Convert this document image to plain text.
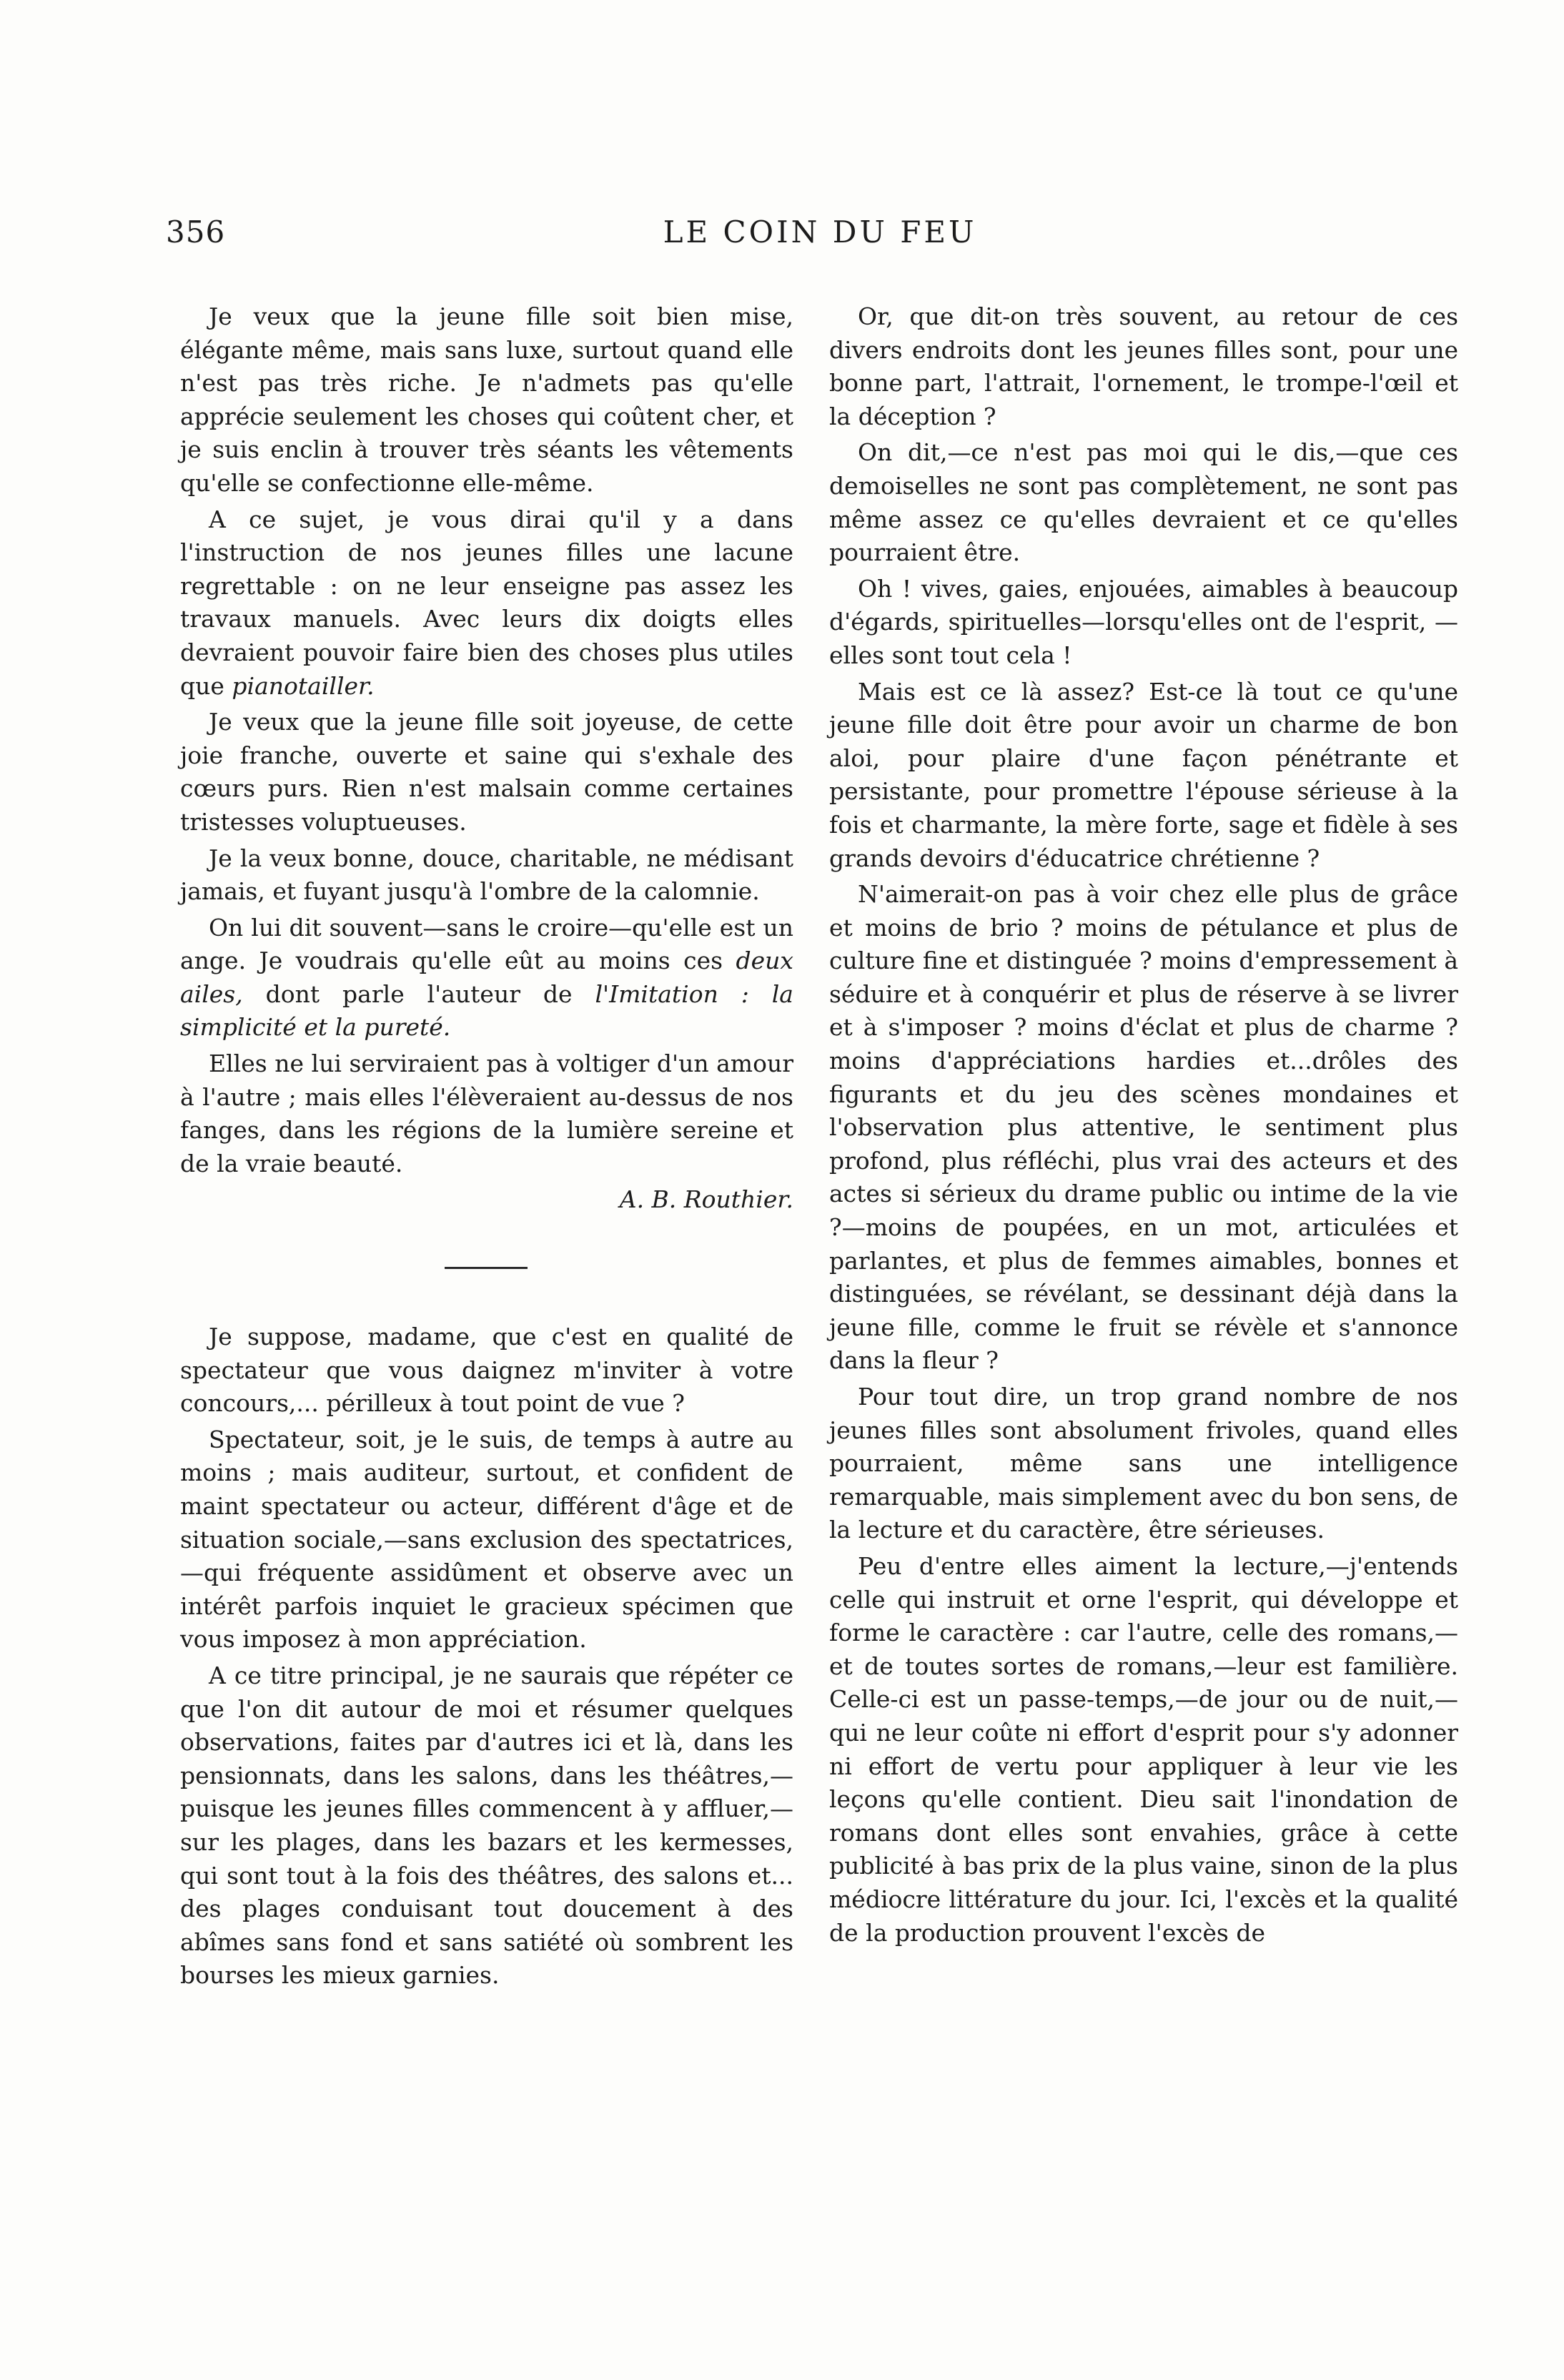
356	LE COIN DU FEU

Je veux que la jeune fille soit bien mise, élégante même, mais sans luxe, surtout quand elle n'est pas très riche. Je n'admets pas qu'elle apprécie seulement les choses qui coûtent cher, et je suis enclin à trouver très séants les vêtements qu'elle se confectionne elle-même.

A ce sujet, je vous dirai qu'il y a dans l'instruction de nos jeunes filles une lacune regrettable : on ne leur enseigne pas assez les travaux manuels. Avec leurs dix doigts elles devraient pouvoir faire bien des choses plus utiles que pianotailler.

Je veux que la jeune fille soit joyeuse, de cette joie franche, ouverte et saine qui s'exhale des cœurs purs. Rien n'est malsain comme certaines tristesses voluptueuses.

Je la veux bonne, douce, charitable, ne médisant jamais, et fuyant jusqu'à l'ombre de la calomnie.

On lui dit souvent—sans le croire—qu'elle est un ange. Je voudrais qu'elle eût au moins ces deux ailes, dont parle l'auteur de l'Imitation : la simplicité et la pureté.

Elles ne lui serviraient pas à voltiger d'un amour à l'autre ; mais elles l'élèveraient au-dessus de nos fanges, dans les régions de la lumière sereine et de la vraie beauté.

A. B. Routhier.

Je suppose, madame, que c'est en qualité de spectateur que vous daignez m'inviter à votre concours,... périlleux à tout point de vue ?

Spectateur, soit, je le suis, de temps à autre au moins ; mais auditeur, surtout, et confident de maint spectateur ou acteur, différent d'âge et de situation sociale,—sans exclusion des spectatrices, —qui fréquente assidûment et observe avec un intérêt parfois inquiet le gracieux spécimen que vous imposez à mon appréciation.

A ce titre principal, je ne saurais que répéter ce que l'on dit autour de moi et résumer quelques observations, faites par d'autres ici et là, dans les pensionnats, dans les salons, dans les théâtres,—puisque les jeunes filles commencent à y affluer,—sur les plages, dans les bazars et les kermesses, qui sont tout à la fois des théâtres, des salons et... des plages conduisant tout doucement à des abîmes sans fond et sans satiété où sombrent les bourses les mieux garnies.

Or, que dit-on très souvent, au retour de ces divers endroits dont les jeunes filles sont, pour une bonne part, l'attrait, l'ornement, le trompe-l'œil et la déception ?

On dit,—ce n'est pas moi qui le dis,—que ces demoiselles ne sont pas complètement, ne sont pas même assez ce qu'elles devraient et ce qu'elles pourraient être.

Oh ! vives, gaies, enjouées, aimables à beaucoup d'égards, spirituelles—lorsqu'elles ont de l'esprit, —elles sont tout cela !

Mais est ce là assez? Est-ce là tout ce qu'une jeune fille doit être pour avoir un charme de bon aloi, pour plaire d'une façon pénétrante et persistante, pour promettre l'épouse sérieuse à la fois et charmante, la mère forte, sage et fidèle à ses grands devoirs d'éducatrice chrétienne ?

N'aimerait-on pas à voir chez elle plus de grâce et moins de brio ? moins de pétulance et plus de culture fine et distinguée ? moins d'empressement à séduire et à conquérir et plus de réserve à se livrer et à s'imposer ? moins d'éclat et plus de charme ? moins d'appréciations hardies et...drôles des figurants et du jeu des scènes mondaines et l'observation plus attentive, le sentiment plus profond, plus réfléchi, plus vrai des acteurs et des actes si sérieux du drame public ou intime de la vie ?—moins de poupées, en un mot, articulées et parlantes, et plus de femmes aimables, bonnes et distinguées, se révélant, se dessinant déjà dans la jeune fille, comme le fruit se révèle et s'annonce dans la fleur ?

Pour tout dire, un trop grand nombre de nos jeunes filles sont absolument frivoles, quand elles pourraient, même sans une intelligence remarquable, mais simplement avec du bon sens, de la lecture et du caractère, être sérieuses.

Peu d'entre elles aiment la lecture,—j'entends celle qui instruit et orne l'esprit, qui développe et forme le caractère : car l'autre, celle des romans,—et de toutes sortes de romans,—leur est familière. Celle-ci est un passe-temps,—de jour ou de nuit,—qui ne leur coûte ni effort d'esprit pour s'y adonner ni effort de vertu pour appliquer à leur vie les leçons qu'elle contient. Dieu sait l'inondation de romans dont elles sont envahies, grâce à cette publicité à bas prix de la plus vaine, sinon de la plus médiocre littérature du jour. Ici, l'excès et la qualité de la production prouvent l'excès de
